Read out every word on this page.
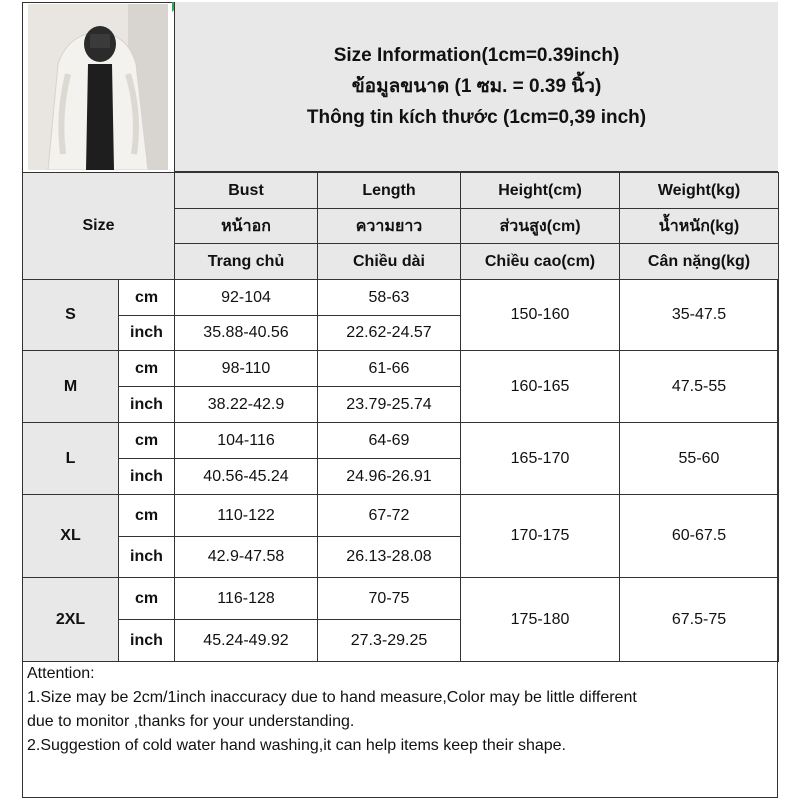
Size Information(1cm=0.39inch)
ข้อมูลขนาด (1 ซม. = 0.39 นิ้ว)
Thông tin kích thước (1cm=0,39 inch)
Size		Bust	Length	Height(cm)	Weight(kg)
		หน้าอก	ความยาว	ส่วนสูง(cm)	น้ำหนัก(kg)
		Trang chủ	Chiều dài	Chiều cao(cm)	Cân nặng(kg)
S	cm	92-104	58-63	150-160	35-47.5
	inch	35.88-40.56	22.62-24.57		
M	cm	98-110	61-66	160-165	47.5-55
	inch	38.22-42.9	23.79-25.74		
L	cm	104-116	64-69	165-170	55-60
	inch	40.56-45.24	24.96-26.91		
XL	cm	110-122	67-72	170-175	60-67.5
	inch	42.9-47.58	26.13-28.08		
2XL	cm	116-128	70-75	175-180	67.5-75
	inch	45.24-49.92	27.3-29.25		

Attention:

1.Size may be 2cm/1inch inaccuracy due to hand measure,Color may be little different

due to monitor ,thanks for your understanding.

2.Suggestion of cold water hand washing,it can help items keep their shape.
